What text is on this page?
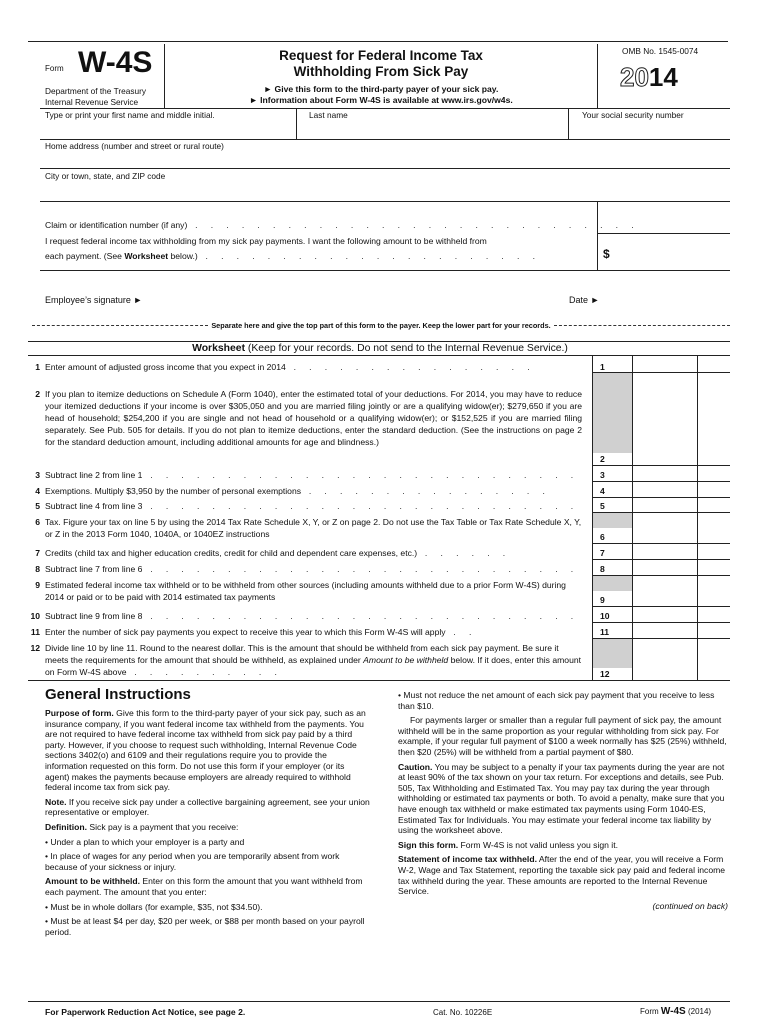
Form W-4S
Department of the Treasury
Internal Revenue Service
Request for Federal Income Tax
Withholding From Sick Pay
► Give this form to the third-party payer of your sick pay.
► Information about Form W-4S is available at www.irs.gov/w4s.
OMB No. 1545-0074
2014
Type or print your first name and middle initial.	Last name	Your social security number
Home address (number and street or rural route)
City or town, state, and ZIP code
Claim or identification number (if any) . . . . . . . . . . . . . . . . . . . . . . . . . . . . .
I request federal income tax withholding from my sick pay payments. I want the following amount to be withheld from
each payment. (See Worksheet below.) . . . . . . . . . . . . . . . . . . . . . .	$
Employee’s signature ►	Date ►
Separate here and give the top part of this form to the payer. Keep the lower part for your records.
Worksheet (Keep for your records. Do not send to the Internal Revenue Service.)
1 Enter amount of adjusted gross income that you expect in 2014 . . . . . . . . . . . . . . . .	1
2 If you plan to itemize deductions on Schedule A (Form 1040), enter the estimated total of your deductions. For 2014, you may have to reduce your itemized deductions if your income is over $305,050 and you are married filing jointly or are a qualifying widow(er); $279,650 if you are head of household; $254,200 if you are single and not head of household or a qualifying widow(er); or $152,525 if you are married filing separately. See Pub. 505 for details. If you do not plan to itemize deductions, enter the standard deduction. (See the instructions on page 2 for the standard deduction amount, including additional amounts for age and blindness.)
2
3 Subtract line 2 from line 1 . . . . . . . . . . . . . . . . . . . . . . . . . . . .	3
4 Exemptions. Multiply $3,950 by the number of personal exemptions . . . . . . . . . . . . . . . .	4
5 Subtract line 4 from line 3 . . . . . . . . . . . . . . . . . . . . . . . . . . . .	5
6 Tax. Figure your tax on line 5 by using the 2014 Tax Rate Schedule X, Y, or Z on page 2. Do not use the Tax Table or Tax Rate Schedule X, Y, or Z in the 2013 Form 1040, 1040A, or 1040EZ instructions	6
7 Credits (child tax and higher education credits, credit for child and dependent care expenses, etc.) . . . . . .	7
8 Subtract line 7 from line 6 . . . . . . . . . . . . . . . . . . . . . . . . . . . .	8
9 Estimated federal income tax withheld or to be withheld from other sources (including amounts withheld due to a prior Form W-4S) during 2014 or paid or to be paid with 2014 estimated tax payments	9
10 Subtract line 9 from line 8 . . . . . . . . . . . . . . . . . . . . . . . . . . . .	10
11 Enter the number of sick pay payments you expect to receive this year to which this Form W-4S will apply . .	11
12 Divide line 10 by line 11. Round to the nearest dollar. This is the amount that should be withheld from each sick pay payment. Be sure it meets the requirements for the amount that should be withheld, as explained under Amount to be withheld below. If it does, enter this amount on Form W-4S above . . . . . . . . . .	12
General Instructions

Purpose of form. Give this form to the third-party payer of your sick pay, such as an insurance company, if you want federal income tax withheld from the payments. You are not required to have federal income tax withheld from sick pay paid by a third party. However, if you choose to request such withholding, Internal Revenue Code sections 3402(o) and 6109 and their regulations require you to provide the information requested on this form. Do not use this form if your employer (or its agent) makes the payments because employers are already required to withhold federal income tax from sick pay.

Note. If you receive sick pay under a collective bargaining agreement, see your union representative or employer.

Definition. Sick pay is a payment that you receive:

• Under a plan to which your employer is a party and
• In place of wages for any period when you are temporarily absent from work because of your sickness or injury.

Amount to be withheld. Enter on this form the amount that you want withheld from each payment. The amount that you enter:

• Must be in whole dollars (for example, $35, not $34.50).
• Must be at least $4 per day, $20 per week, or $88 per month based on your payroll period.

• Must not reduce the net amount of each sick pay payment that you receive to less than $10.

For payments larger or smaller than a regular full payment of sick pay, the amount withheld will be in the same proportion as your regular withholding from sick pay. For example, if your regular full payment of $100 a week normally has $25 (25%) withheld, then $20 (25%) will be withheld from a partial payment of $80.

Caution. You may be subject to a penalty if your tax payments during the year are not at least 90% of the tax shown on your tax return. For exceptions and details, see Pub. 505, Tax Withholding and Estimated Tax. You may pay tax during the year through withholding or estimated tax payments or both. To avoid a penalty, make sure that you have enough tax withheld or make estimated tax payments using Form 1040-ES, Estimated Tax for Individuals. You may estimate your federal income tax liability by using the worksheet above.

Sign this form. Form W-4S is not valid unless you sign it.

Statement of income tax withheld. After the end of the year, you will receive a Form W-2, Wage and Tax Statement, reporting the taxable sick pay paid and federal income tax withheld during the year. These amounts are reported to the Internal Revenue Service.

(continued on back)

For Paperwork Reduction Act Notice, see page 2.	Cat. No. 10226E	Form W-4S (2014)
